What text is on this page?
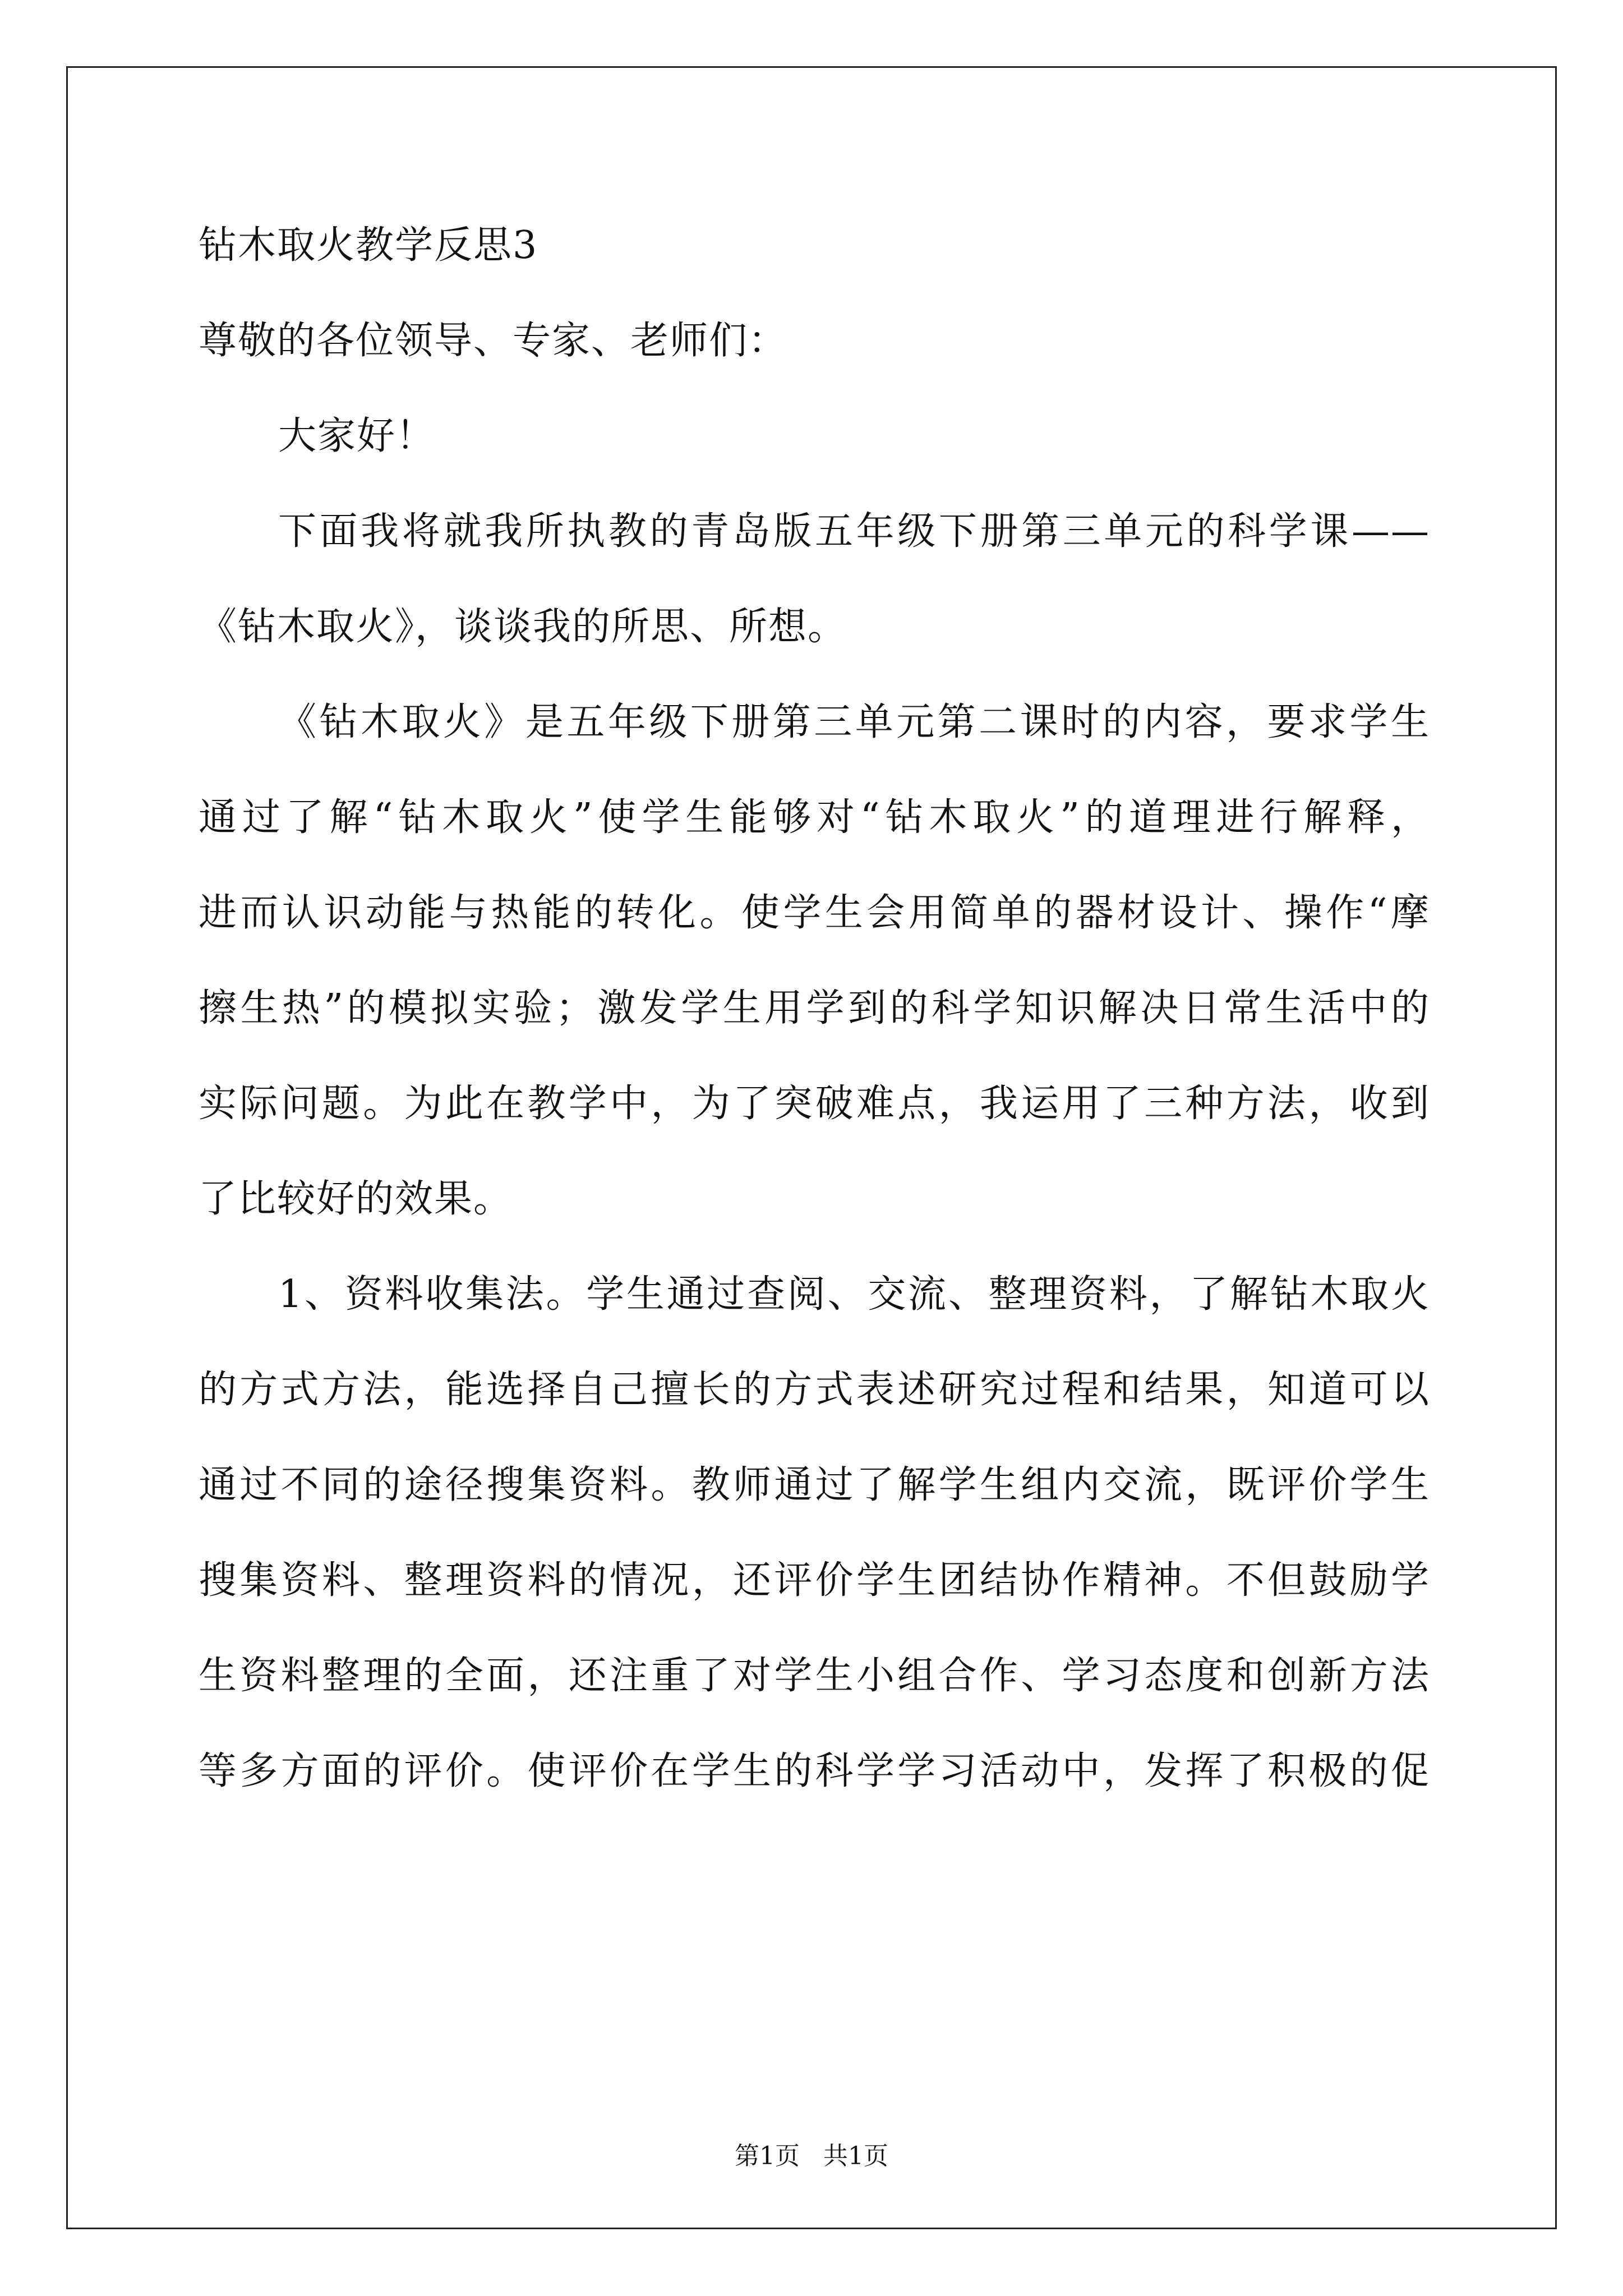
钻木取火教学反思3
尊敬的各位领导、专家、老师们：
大家好！
下面我将就我所执教的青岛版五年级下册第三单元的科学课——
《钻木取火》，谈谈我的所思、所想。
《钻木取火》是五年级下册第三单元第二课时的内容，要求学生
通过了解“钻木取火”使学生能够对“钻木取火”的道理进行解释，
进而认识动能与热能的转化。使学生会用简单的器材设计、操作“摩
擦生热”的模拟实验；激发学生用学到的科学知识解决日常生活中的
实际问题。为此在教学中，为了突破难点，我运用了三种方法，收到
了比较好的效果。
1、资料收集法。学生通过查阅、交流、整理资料，了解钻木取火
的方式方法，能选择自己擅长的方式表述研究过程和结果，知道可以
通过不同的途径搜集资料。教师通过了解学生组内交流，既评价学生
搜集资料、整理资料的情况，还评价学生团结协作精神。不但鼓励学
生资料整理的全面，还注重了对学生小组合作、学习态度和创新方法
等多方面的评价。使评价在学生的科学学习活动中，发挥了积极的促
第1页   共1页
